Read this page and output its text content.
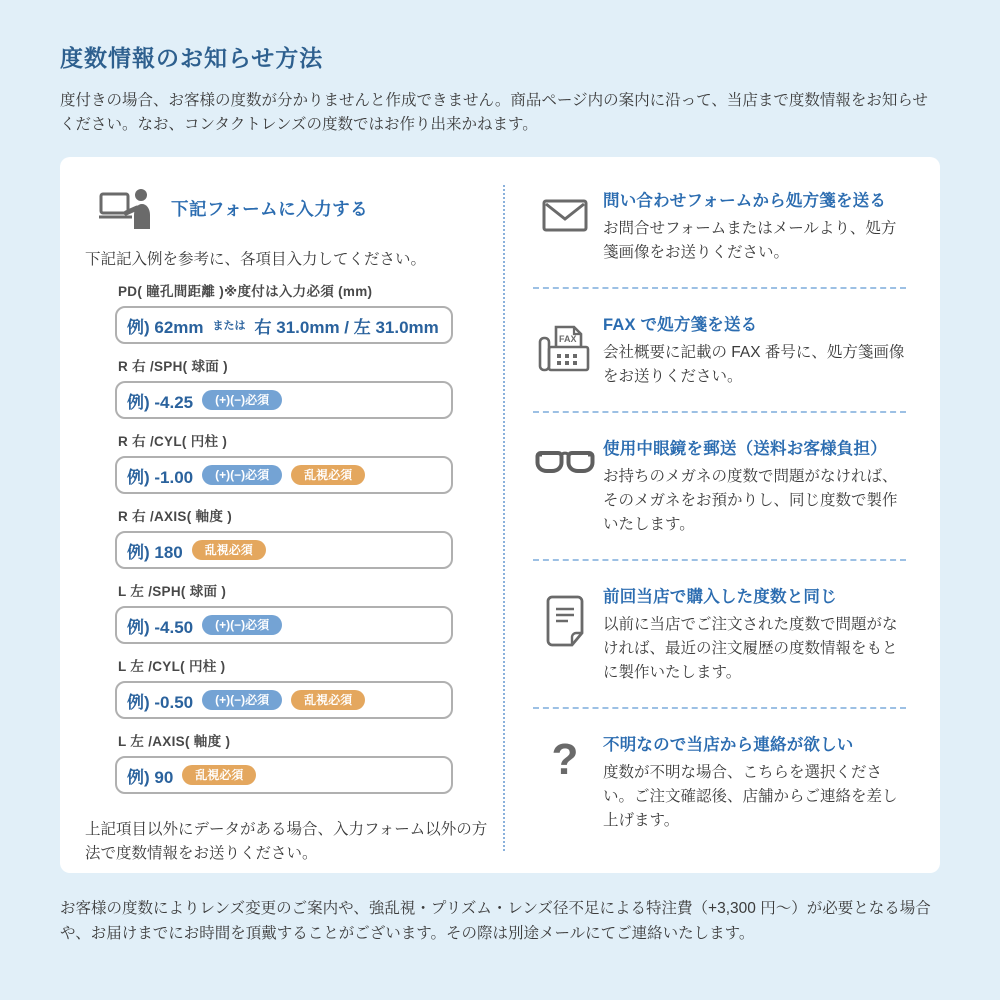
度数情報のお知らせ方法

度付きの場合、お客様の度数が分かりませんと作成できません。商品ページ内の案内に沿って、当店まで度数情報をお知らせください。なお、コンタクトレンズの度数ではお作り出来かねます。

下記フォームに入力する

下記記入例を参考に、各項目入力してください。

PD( 瞳孔間距離 )※度付は入力必須 (mm)
例) 62mm または 右 31.0mm / 左 31.0mm
R 右 /SPH( 球面 )
例) -4.25	(+)(−)必須
R 右 /CYL( 円柱 )
例) -1.00	(+)(−)必須	乱視必須
R 右 /AXIS( 軸度 )
例) 180	乱視必須
L 左 /SPH( 球面 )
例) -4.50	(+)(−)必須
L 左 /CYL( 円柱 )
例) -0.50	(+)(−)必須	乱視必須
L 左 /AXIS( 軸度 )
例) 90	乱視必須

上記項目以外にデータがある場合、入力フォーム以外の方法で度数情報をお送りください。

問い合わせフォームから処方箋を送る
お問合せフォームまたはメールより、処方箋画像をお送りください。
FAX
FAX で処方箋を送る
会社概要に記載の FAX 番号に、処方箋画像をお送りください。
使用中眼鏡を郵送（送料お客様負担）
お持ちのメガネの度数で問題がなければ、そのメガネをお預かりし、同じ度数で製作いたします。
前回当店で購入した度数と同じ
以前に当店でご注文された度数で問題がなければ、最近の注文履歴の度数情報をもとに製作いたします。
?	不明なので当店から連絡が欲しい
度数が不明な場合、こちらを選択ください。ご注文確認後、店舗からご連絡を差し上げます。

お客様の度数によりレンズ変更のご案内や、強乱視・プリズム・レンズ径不足による特注費（+3,300 円〜）が必要となる場合や、お届けまでにお時間を頂戴することがございます。その際は別途メールにてご連絡いたします。
